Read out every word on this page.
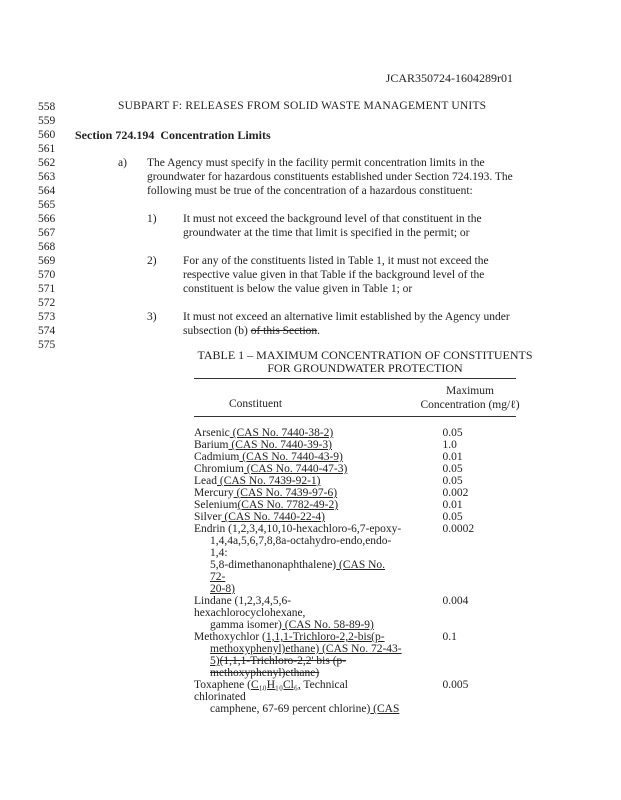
JCAR350724-1604289r01
558
559
560
561
562
563
564
565
566
567
568
569
570
571
572
573
574
575
SUBPART F: RELEASES FROM SOLID WASTE MANAGEMENT UNITS
Section 724.194 Concentration Limits
a) The Agency must specify in the facility permit concentration limits in the
groundwater for hazardous constituents established under Section 724.193. The
following must be true of the concentration of a hazardous constituent:
1) It must not exceed the background level of that constituent in the
groundwater at the time that limit is specified in the permit; or
2) For any of the constituents listed in Table 1, it must not exceed the
respective value given in that Table if the background level of the
constituent is below the value given in Table 1; or
3) It must not exceed an alternative limit established by the Agency under
subsection (b) of this Section.
TABLE 1 – MAXIMUM CONCENTRATION OF CONSTITUENTS
FOR GROUNDWATER PROTECTION
Maximum
Concentration (mg/ℓ)
Constituent
Arsenic (CAS No. 7440-38-2)	0.05
Barium (CAS No. 7440-39-3)	1.0
Cadmium (CAS No. 7440-43-9)	0.01
Chromium (CAS No. 7440-47-3)	0.05
Lead (CAS No. 7439-92-1)	0.05
Mercury (CAS No. 7439-97-6)	0.002
Selenium(CAS No. 7782-49-2)	0.01
Silver (CAS No. 7440-22-4)	0.05
Endrin (1,2,3,4,10,10-hexachloro-6,7-epoxy-
1,4,4a,5,6,7,8,8a-octahydro-endo,endo-1,4:
5,8-dimethanonaphthalene) (CAS No. 72-
20-8)
0.0002
Lindane (1,2,3,4,5,6-hexachlorocyclohexane,
gamma isomer) (CAS No. 58-89-9)
0.004
Methoxychlor (1,1,1-Trichloro-2,2-bis(p-
methoxyphenyl)ethane) (CAS No. 72-43-
5)(1,1,1-Trichloro-2,2' bis (p-
methoxyphenyl)ethane)
0.1
Toxaphene (C₁₀H₁₀Cl₆, Technical chlorinated
camphene, 67-69 percent chlorine) (CAS
0.005
